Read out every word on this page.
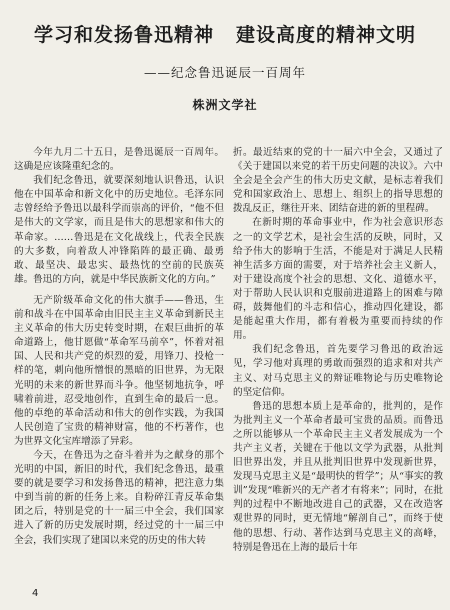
学习和发扬鲁迅精神 建设高度的精神文明
——纪念鲁迅诞辰一百周年
株洲文学社

今年九月二十五日，是鲁迅诞辰一百周年。这确是应该隆重纪念的。

我们纪念鲁迅，就要深刻地认识鲁迅，认识他在中国革命和新文化中的历史地位。毛泽东同志曾经给予鲁迅以最科学而崇高的评价，“他不但是伟大的文学家，而且是伟大的思想家和伟大的革命家。……鲁迅是在文化战线上，代表全民族的大多数，向着敌人冲锋陷阵的最正确、最勇敢、最坚决、最忠实、最热忱的空前的民族英雄。鲁迅的方向，就是中华民族新文化的方向。”

无产阶级革命文化的伟大旗手——鲁迅，生前和战斗在中国革命由旧民主主义革命到新民主主义革命的伟大历史转变时期，在艰巨曲折的革命道路上，他甘愿做“革命军马前卒”，怀着对祖国、人民和共产党的炽烈的爱，用锋刀、投枪一样的笔，刺向他所憎恨的黑暗的旧世界，为无限光明的未来的新世界而斗争。他坚韧地抗争，呼啸着前进，忍受地创作，直到生命的最后一息。他的卓绝的革命活动和伟大的创作实践，为我国人民创造了宝贵的精神财富，他的不朽著作，也为世界文化宝库增添了异彩。

今天，在鲁迅为之奋斗着并为之献身的那个光明的中国，新旧的时代，我们纪念鲁迅，最重要的就是要学习和发扬鲁迅的精神，把注意力集中到当前的新的任务上来。自粉碎江青反革命集团之后，特别是党的十一届三中全会，我们国家进入了新的历史发展时期，经过党的十一届三中全会，我们实现了建国以来党的历史的伟大转

折。最近结束的党的十一届六中全会，又通过了《关于建国以来党的若干历史问题的决议》。六中全会是全会产生的伟大历史文献，是标志着我们党和国家政治上、思想上、组织上的指导思想的拨乱反正，继往开来、团结奋进的新的里程碑。

在新时期的革命事业中，作为社会意识形态之一的文学艺术，是社会生活的反映，同时，又给予伟大的影响于生活，不能是对于满足人民精神生活多方面的需要，对于培养社会主义新人，对于建设高度个社会的思想、文化、道德水平，对于帮助人民认识和克服前进道路上的困难与障碍，鼓舞他们的斗志和信心，推动四化建设，都是能起重大作用，都有着极为重要而持续的作用。

我们纪念鲁迅，首先要学习鲁迅的政治远见，学习他对真理的勇敢而强烈的追求和对共产主义、对马克思主义的辩证唯物论与历史唯物论的坚定信仰。

鲁迅的思想本质上是革命的，批判的，是作为批判主义一个革命者最可宝贵的品质。而鲁迅之所以能够从一个革命民主主义者发展成为一个共产主义者，关键在于他以文学为武器，从批判旧世界出发，并且从批判旧世界中发现新世界，发现马克思主义是“最明快的哲学”；从“事实的教训”发现“唯新兴的无产者才有将来”；同时，在批判的过程中不断地改进自己的武器，又在改造客观世界的同时，更无情地“解剖自己”，而终于使他的思想、行动、著作达到马克思主义的高峰，特别是鲁迅在上海的最后十年

4
